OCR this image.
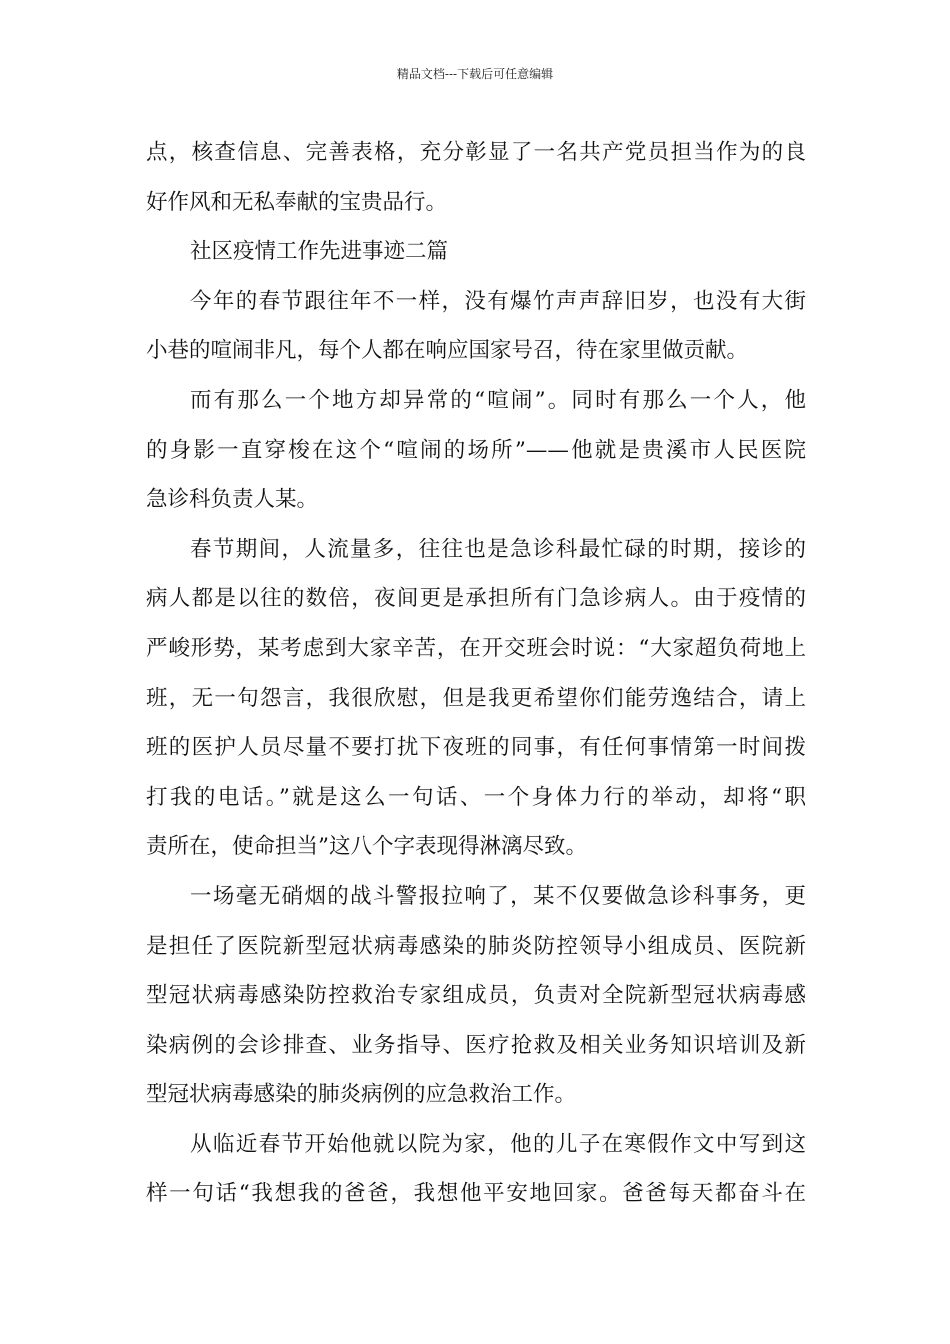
精品文档---下载后可任意编辑
点，核查信息、完善表格，充分彰显了一名共产党员担当作为的良
好作风和无私奉献的宝贵品行。
社区疫情工作先进事迹二篇
今年的春节跟往年不一样，没有爆竹声声辞旧岁，也没有大街
小巷的喧闹非凡，每个人都在响应国家号召，待在家里做贡献。
而有那么一个地方却异常的“喧闹”。同时有那么一个人，他
的身影一直穿梭在这个“喧闹的场所”——他就是贵溪市人民医院
急诊科负责人某。
春节期间，人流量多，往往也是急诊科最忙碌的时期，接诊的
病人都是以往的数倍，夜间更是承担所有门急诊病人。由于疫情的
严峻形势，某考虑到大家辛苦，在开交班会时说：“大家超负荷地上
班，无一句怨言，我很欣慰，但是我更希望你们能劳逸结合，请上
班的医护人员尽量不要打扰下夜班的同事，有任何事情第一时间拨
打我的电话。”就是这么一句话、一个身体力行的举动，却将“职
责所在，使命担当”这八个字表现得淋漓尽致。
一场毫无硝烟的战斗警报拉响了，某不仅要做急诊科事务，更
是担任了医院新型冠状病毒感染的肺炎防控领导小组成员、医院新
型冠状病毒感染防控救治专家组成员，负责对全院新型冠状病毒感
染病例的会诊排查、业务指导、医疗抢救及相关业务知识培训及新
型冠状病毒感染的肺炎病例的应急救治工作。
从临近春节开始他就以院为家，他的儿子在寒假作文中写到这
样一句话“我想我的爸爸，我想他平安地回家。爸爸每天都奋斗在
